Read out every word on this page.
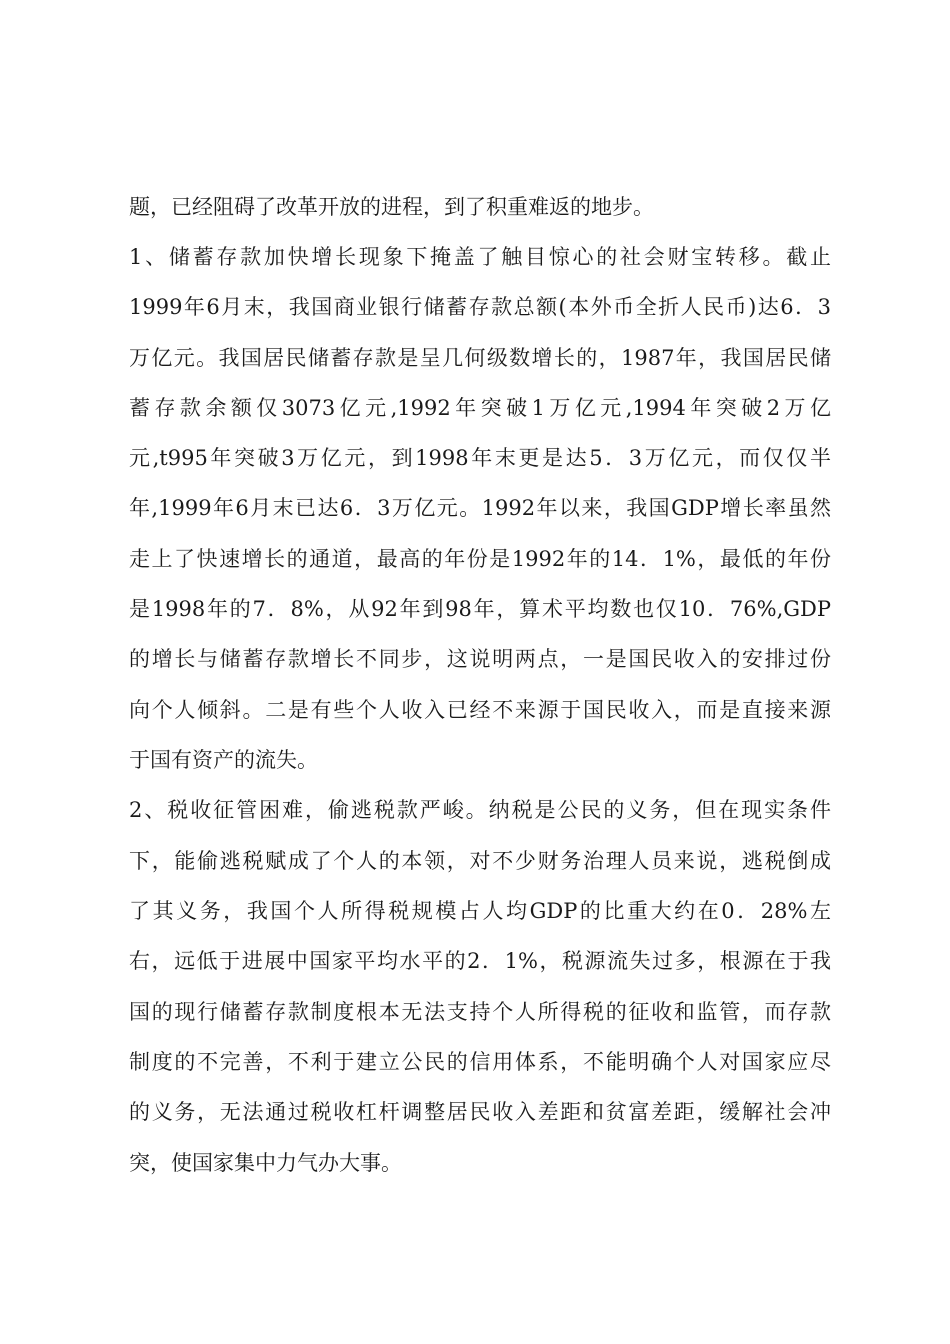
题，已经阻碍了改革开放的进程，到了积重难返的地步。
1、储蓄存款加快增长现象下掩盖了触目惊心的社会财宝转移。截止
1999年6月末，我国商业银行储蓄存款总额(本外币全折人民币)达6．3
万亿元。我国居民储蓄存款是呈几何级数增长的，1987年，我国居民储
蓄存款余额仅3073亿元,1992年突破1万亿元,1994年突破2万亿
元,t995年突破3万亿元，到1998年末更是达5．3万亿元，而仅仅半
年,1999年6月末已达6．3万亿元。1992年以来，我国GDP增长率虽然
走上了快速增长的通道，最高的年份是1992年的14．1%，最低的年份
是1998年的7．8%，从92年到98年，算术平均数也仅10．76%,GDP
的增长与储蓄存款增长不同步，这说明两点，一是国民收入的安排过份
向个人倾斜。二是有些个人收入已经不来源于国民收入，而是直接来源
于国有资产的流失。
2、税收征管困难，偷逃税款严峻。纳税是公民的义务，但在现实条件
下，能偷逃税赋成了个人的本领，对不少财务治理人员来说，逃税倒成
了其义务，我国个人所得税规模占人均GDP的比重大约在0．28%左
右，远低于进展中国家平均水平的2．1%，税源流失过多，根源在于我
国的现行储蓄存款制度根本无法支持个人所得税的征收和监管，而存款
制度的不完善，不利于建立公民的信用体系，不能明确个人对国家应尽
的义务，无法通过税收杠杆调整居民收入差距和贫富差距，缓解社会冲
突，使国家集中力气办大事。
